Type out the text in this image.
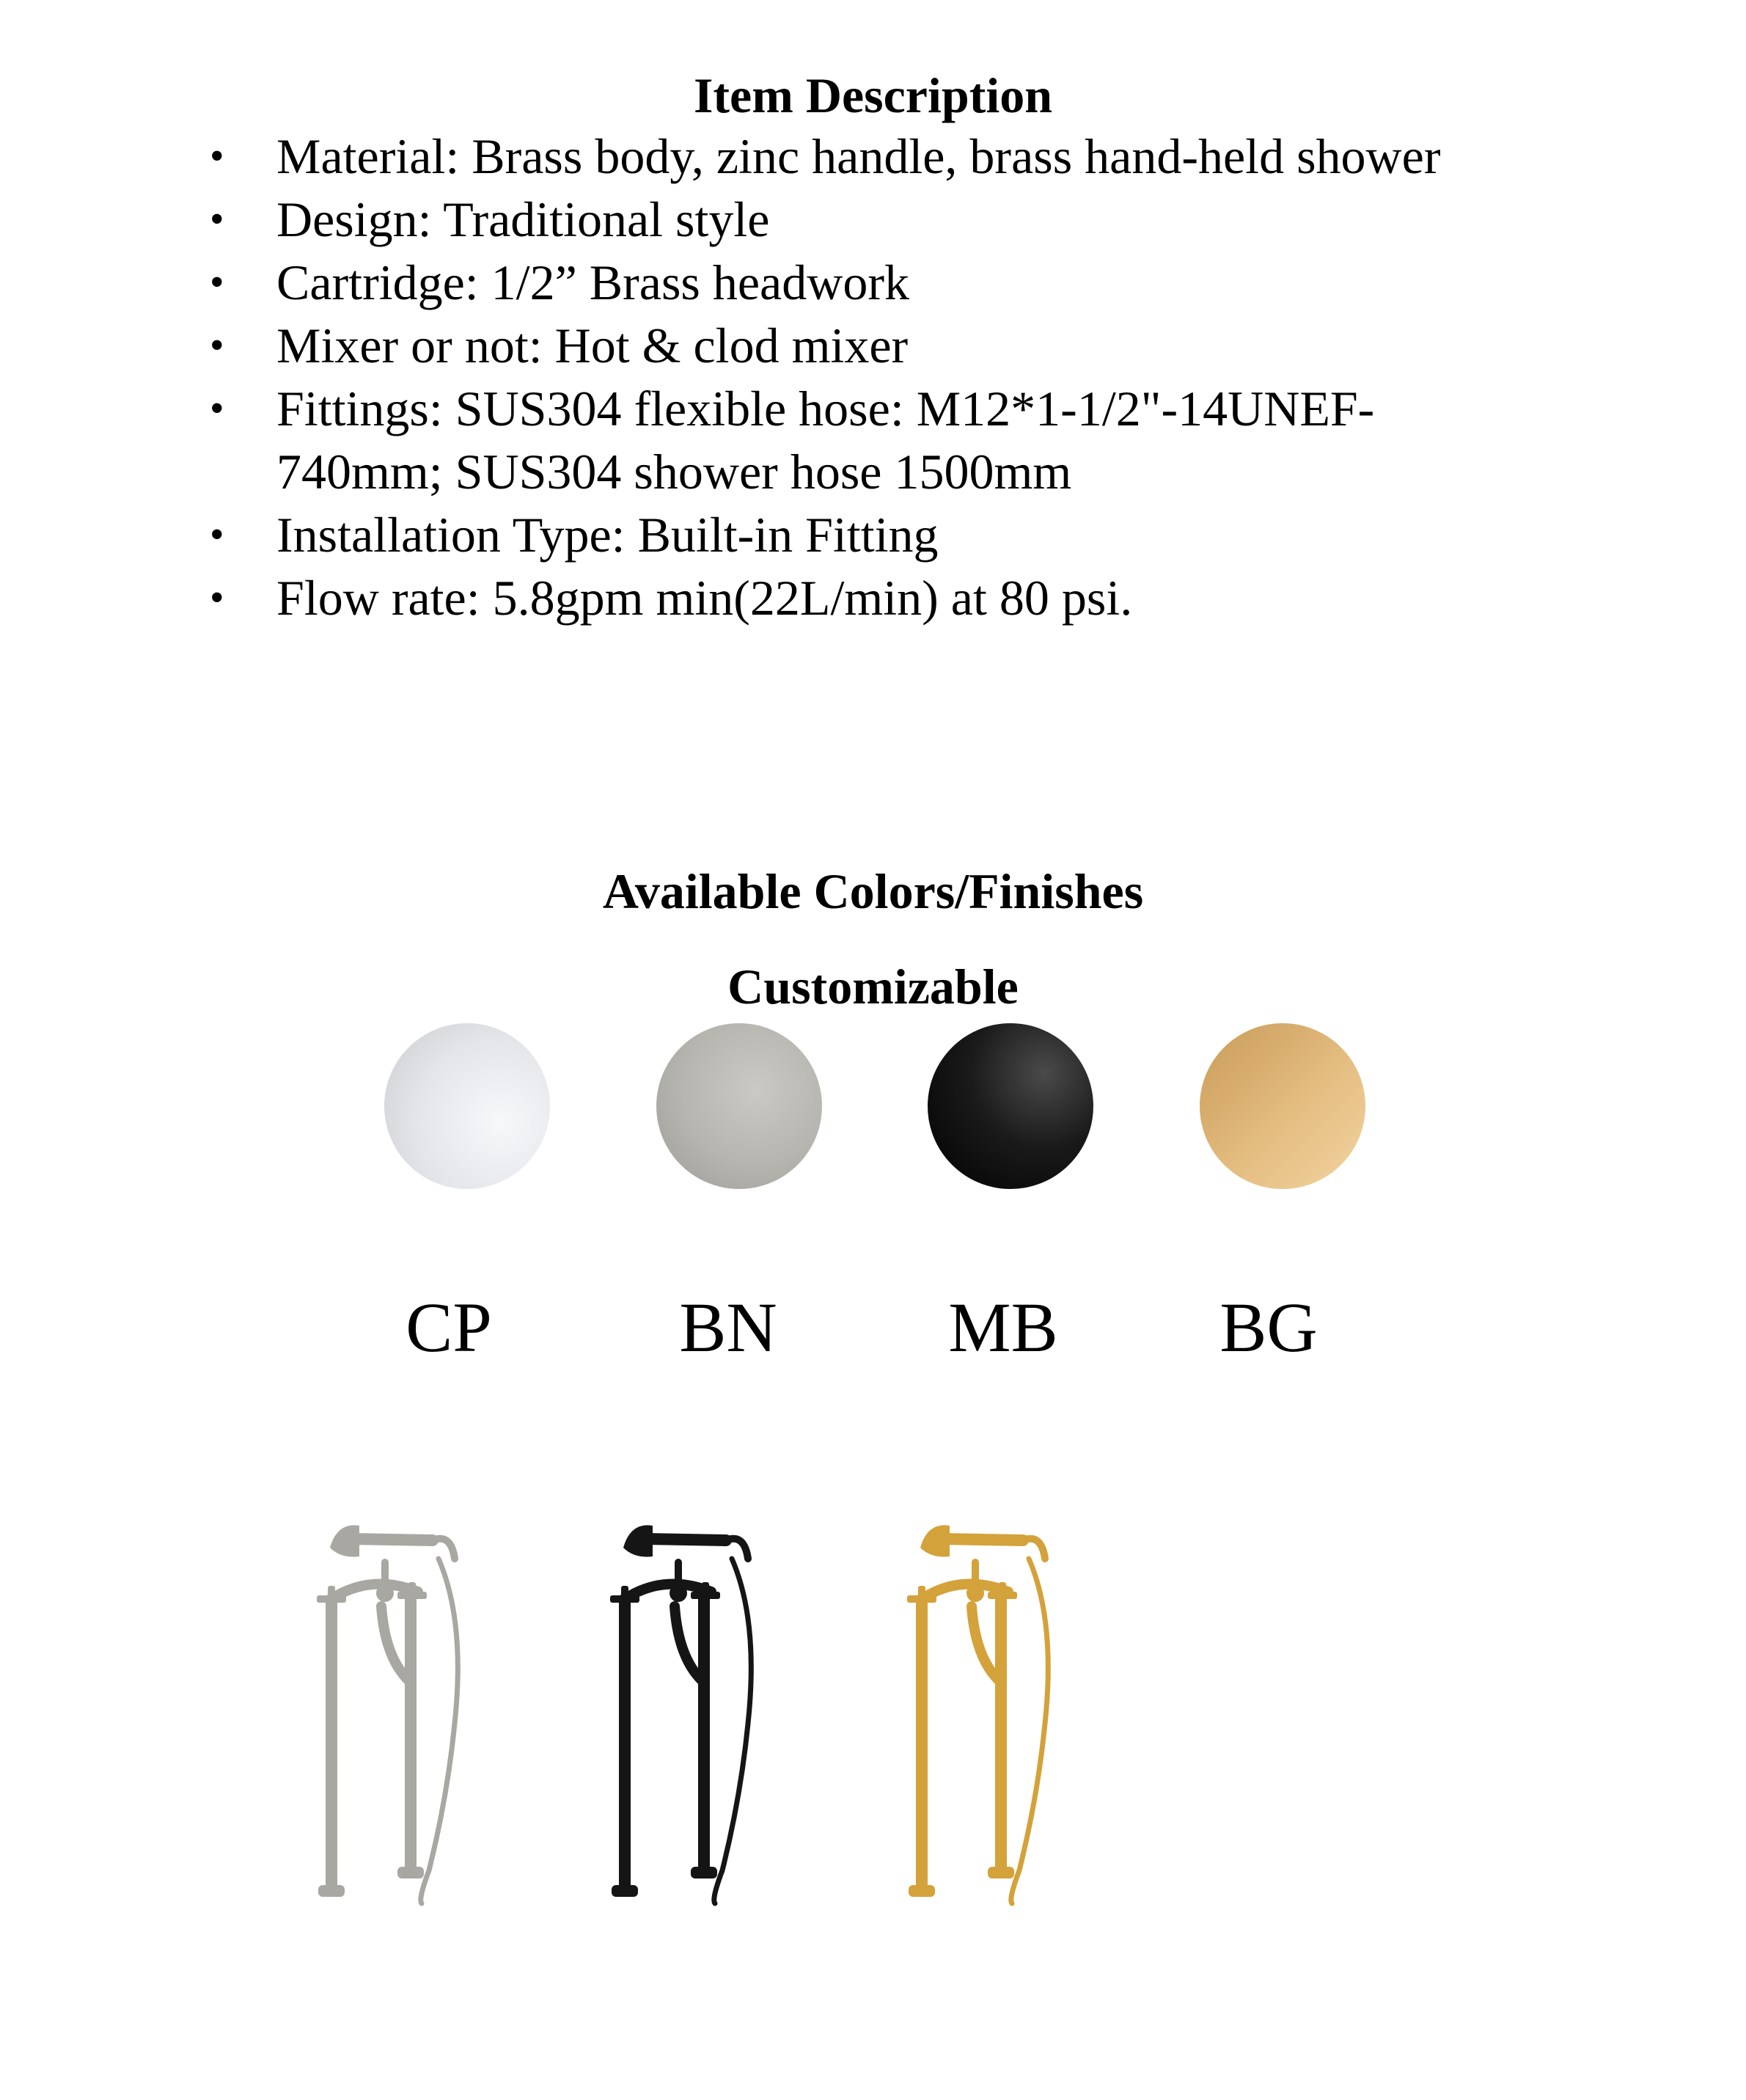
Item Description
• Material: Brass body, zinc handle, brass hand-held shower
• Design: Traditional style
• Cartridge: 1/2” Brass headwork
• Mixer or not: Hot & clod mixer
• Fittings: SUS304 flexible hose: M12*1-1/2"-14UNEF-
740mm; SUS304 shower hose 1500mm
• Installation Type: Built-in Fitting
• Flow rate: 5.8gpm min(22L/min) at 80 psi.
Available Colors/Finishes
Customizable
CP	BN	MB	BG
